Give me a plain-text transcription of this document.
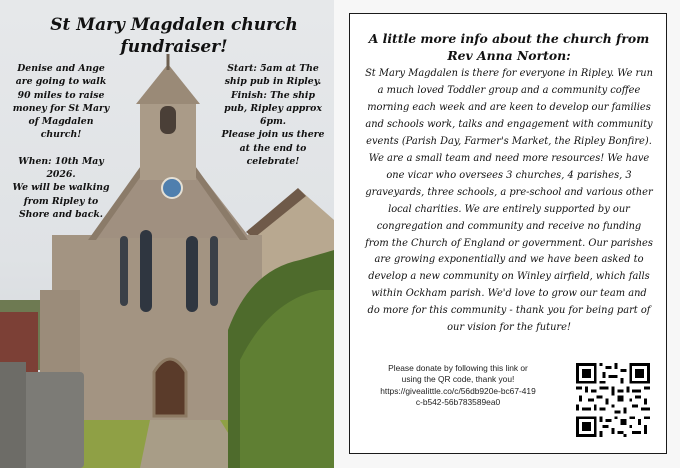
St Mary Magdalen church fundraiser!
Denise and Ange are going to walk 90 miles to raise money for St Mary of Magdalen church!
When: 10th May 2026.
We will be walking from Ripley to Shore and back.
Start: 5am at The ship pub in Ripley.
Finish: The ship pub, Ripley approx 6pm.
Please join us there at the end to celebrate!
A little more info about the church from Rev Anna Norton:
St Mary Magdalen is there for everyone in Ripley. We run a much loved Toddler group and a community coffee morning each week and are keen to develop our families and schools work, talks and engagement with community events (Parish Day, Farmer's Market, the Ripley Bonfire). We are a small team and need more resources! We have one vicar who oversees 3 churches, 4 parishes, 3 graveyards, three schools, a pre-school and various other local charities. We are entirely supported by our congregation and community and receive no funding from the Church of England or government. Our parishes are growing exponentially and we have been asked to develop a new community on Winley airfield, which falls within Ockham parish. We'd love to grow our team and do more for this community - thank you for being part of our vision for the future!
Please donate by following this link or using the QR code, thank you!
https://giveaIittle.co/c/56db920e-bc67-419c-b542-56b783589ea0
